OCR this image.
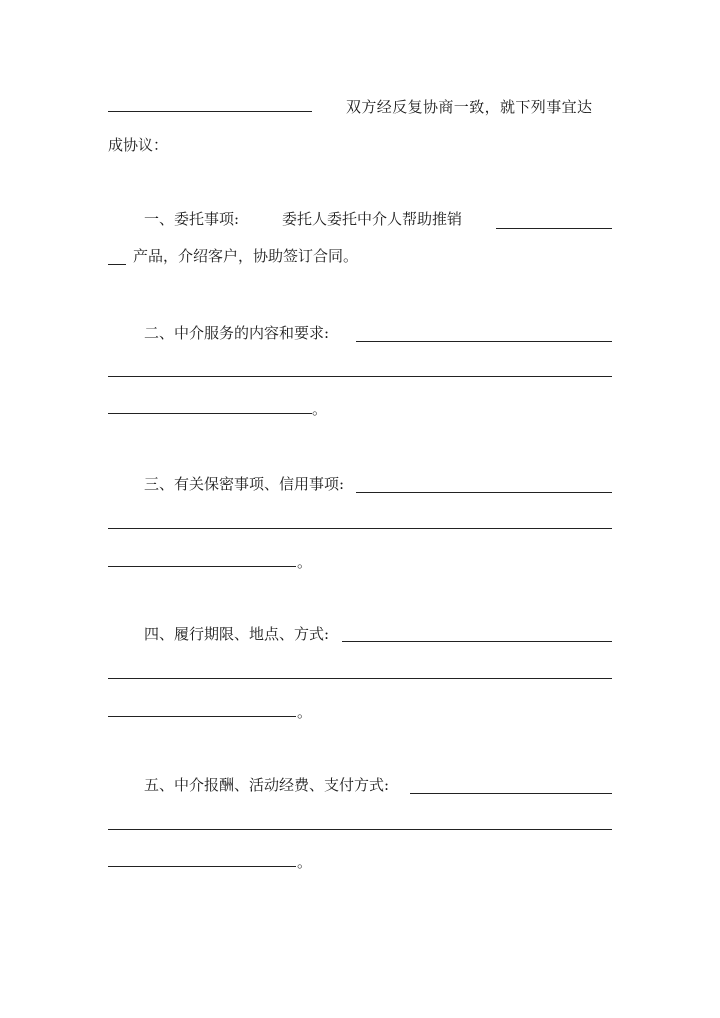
双方经反复协商一致，就下列事宜达
成协议：
一、委托事项:	委托人委托中介人帮助推销
产品，介绍客户，协助签订合同。
二、中介服务的内容和要求:
。
三、有关保密事项、信用事项:
。
四、履行期限、地点、方式:
。
五、中介报酬、活动经费、支付方式:
。
